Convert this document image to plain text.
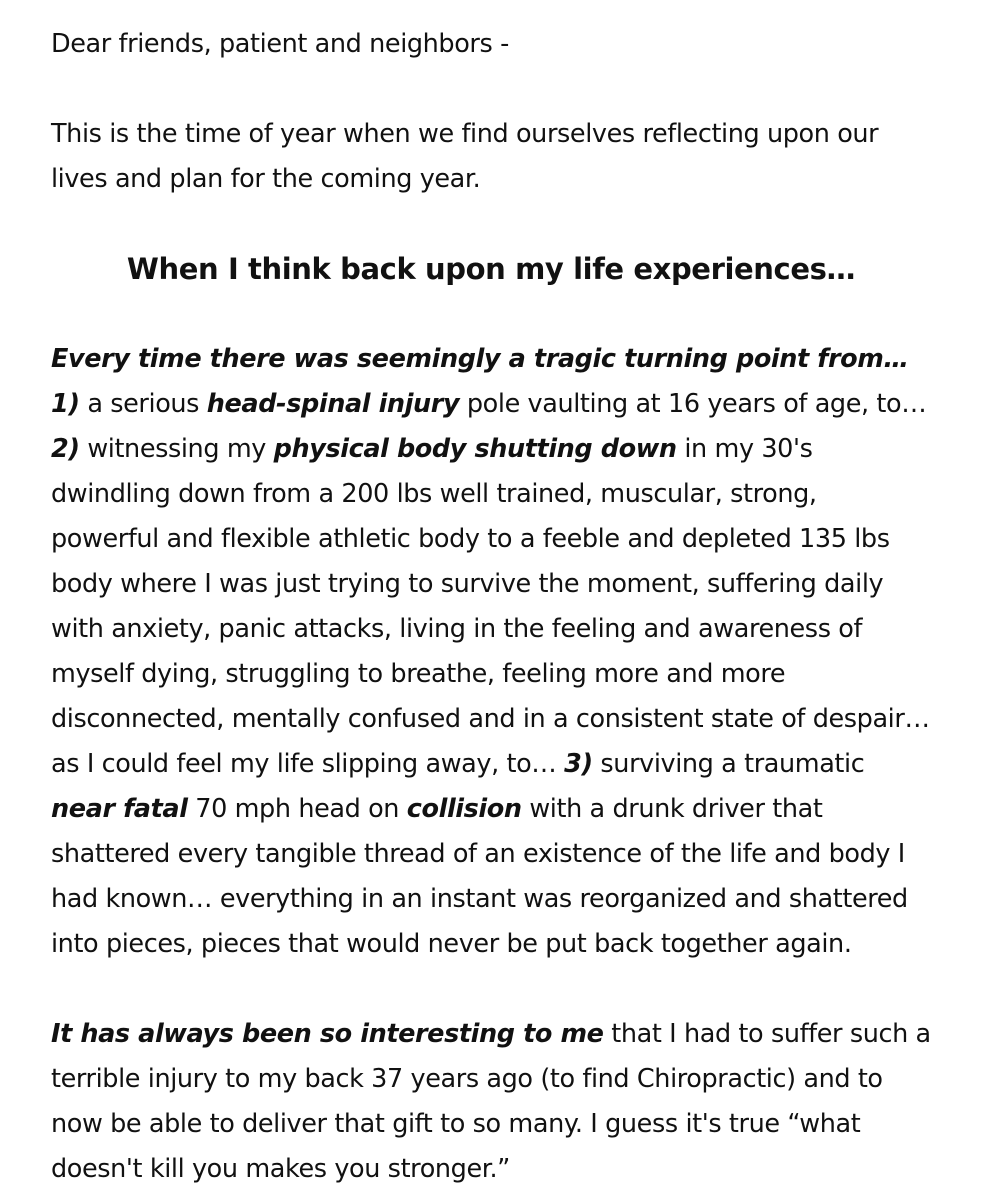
Dear friends, patient and neighbors -

This is the time of year when we find ourselves reflecting upon our lives and plan for the coming year.

When I think back upon my life experiences…

Every time there was seemingly a tragic turning point from…

1) a serious head-spinal injury pole vaulting at 16 years of age, to…

2) witnessing my physical body shutting down in my 30's dwindling down from a 200 lbs well trained, muscular, strong, powerful and flexible athletic body to a feeble and depleted 135 lbs body where I was just trying to survive the moment, suffering daily with anxiety, panic attacks, living in the feeling and awareness of myself dying, struggling to breathe, feeling more and more disconnected, mentally confused and in a consistent state of despair… as I could feel my life slipping away, to… 3) surviving a traumatic near fatal 70 mph head on collision with a drunk driver that shattered every tangible thread of an existence of the life and body I had known… everything in an instant was reorganized and shattered into pieces, pieces that would never be put back together again.

It has always been so interesting to me that I had to suffer such a terrible injury to my back 37 years ago (to find Chiropractic) and to now be able to deliver that gift to so many. I guess it's true “what doesn't kill you makes you stronger.”
